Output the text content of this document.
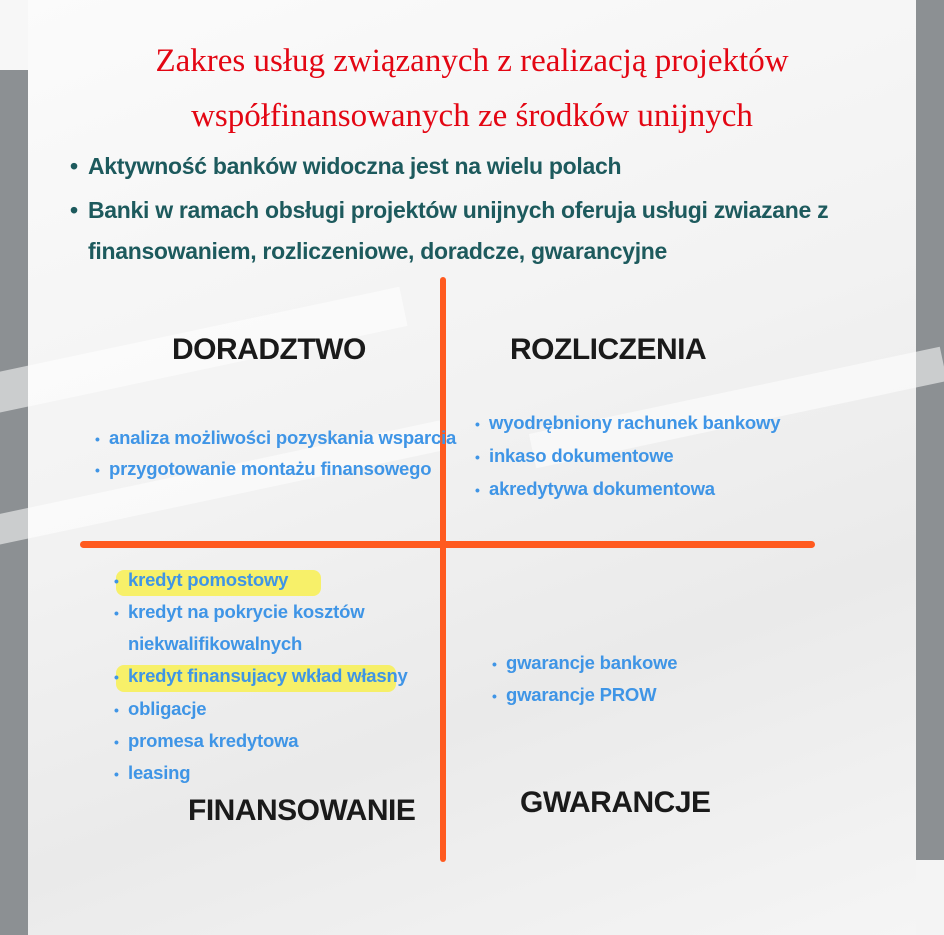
Zakres usług związanych z realizacją projektów
współfinansowanych ze środków unijnych
• Aktywność banków widoczna jest na wielu polach
• Banki w ramach obsługi projektów unijnych oferuja usługi zwiazane z
finansowaniem, rozliczeniowe, doradcze, gwarancyjne
DORADZTWO
• analiza możliwości pozyskania wsparcia
• przygotowanie montażu finansowego
ROZLICZENIA
• wyodrębniony rachunek bankowy
• inkaso dokumentowe
• akredytywa dokumentowa
• kredyt pomostowy
• kredyt na pokrycie kosztów
niekwalifikowalnych
• kredyt finansujacy wkład własny
• obligacje
• promesa kredytowa
• leasing
FINANSOWANIE
• gwarancje bankowe
• gwarancje PROW
GWARANCJE
